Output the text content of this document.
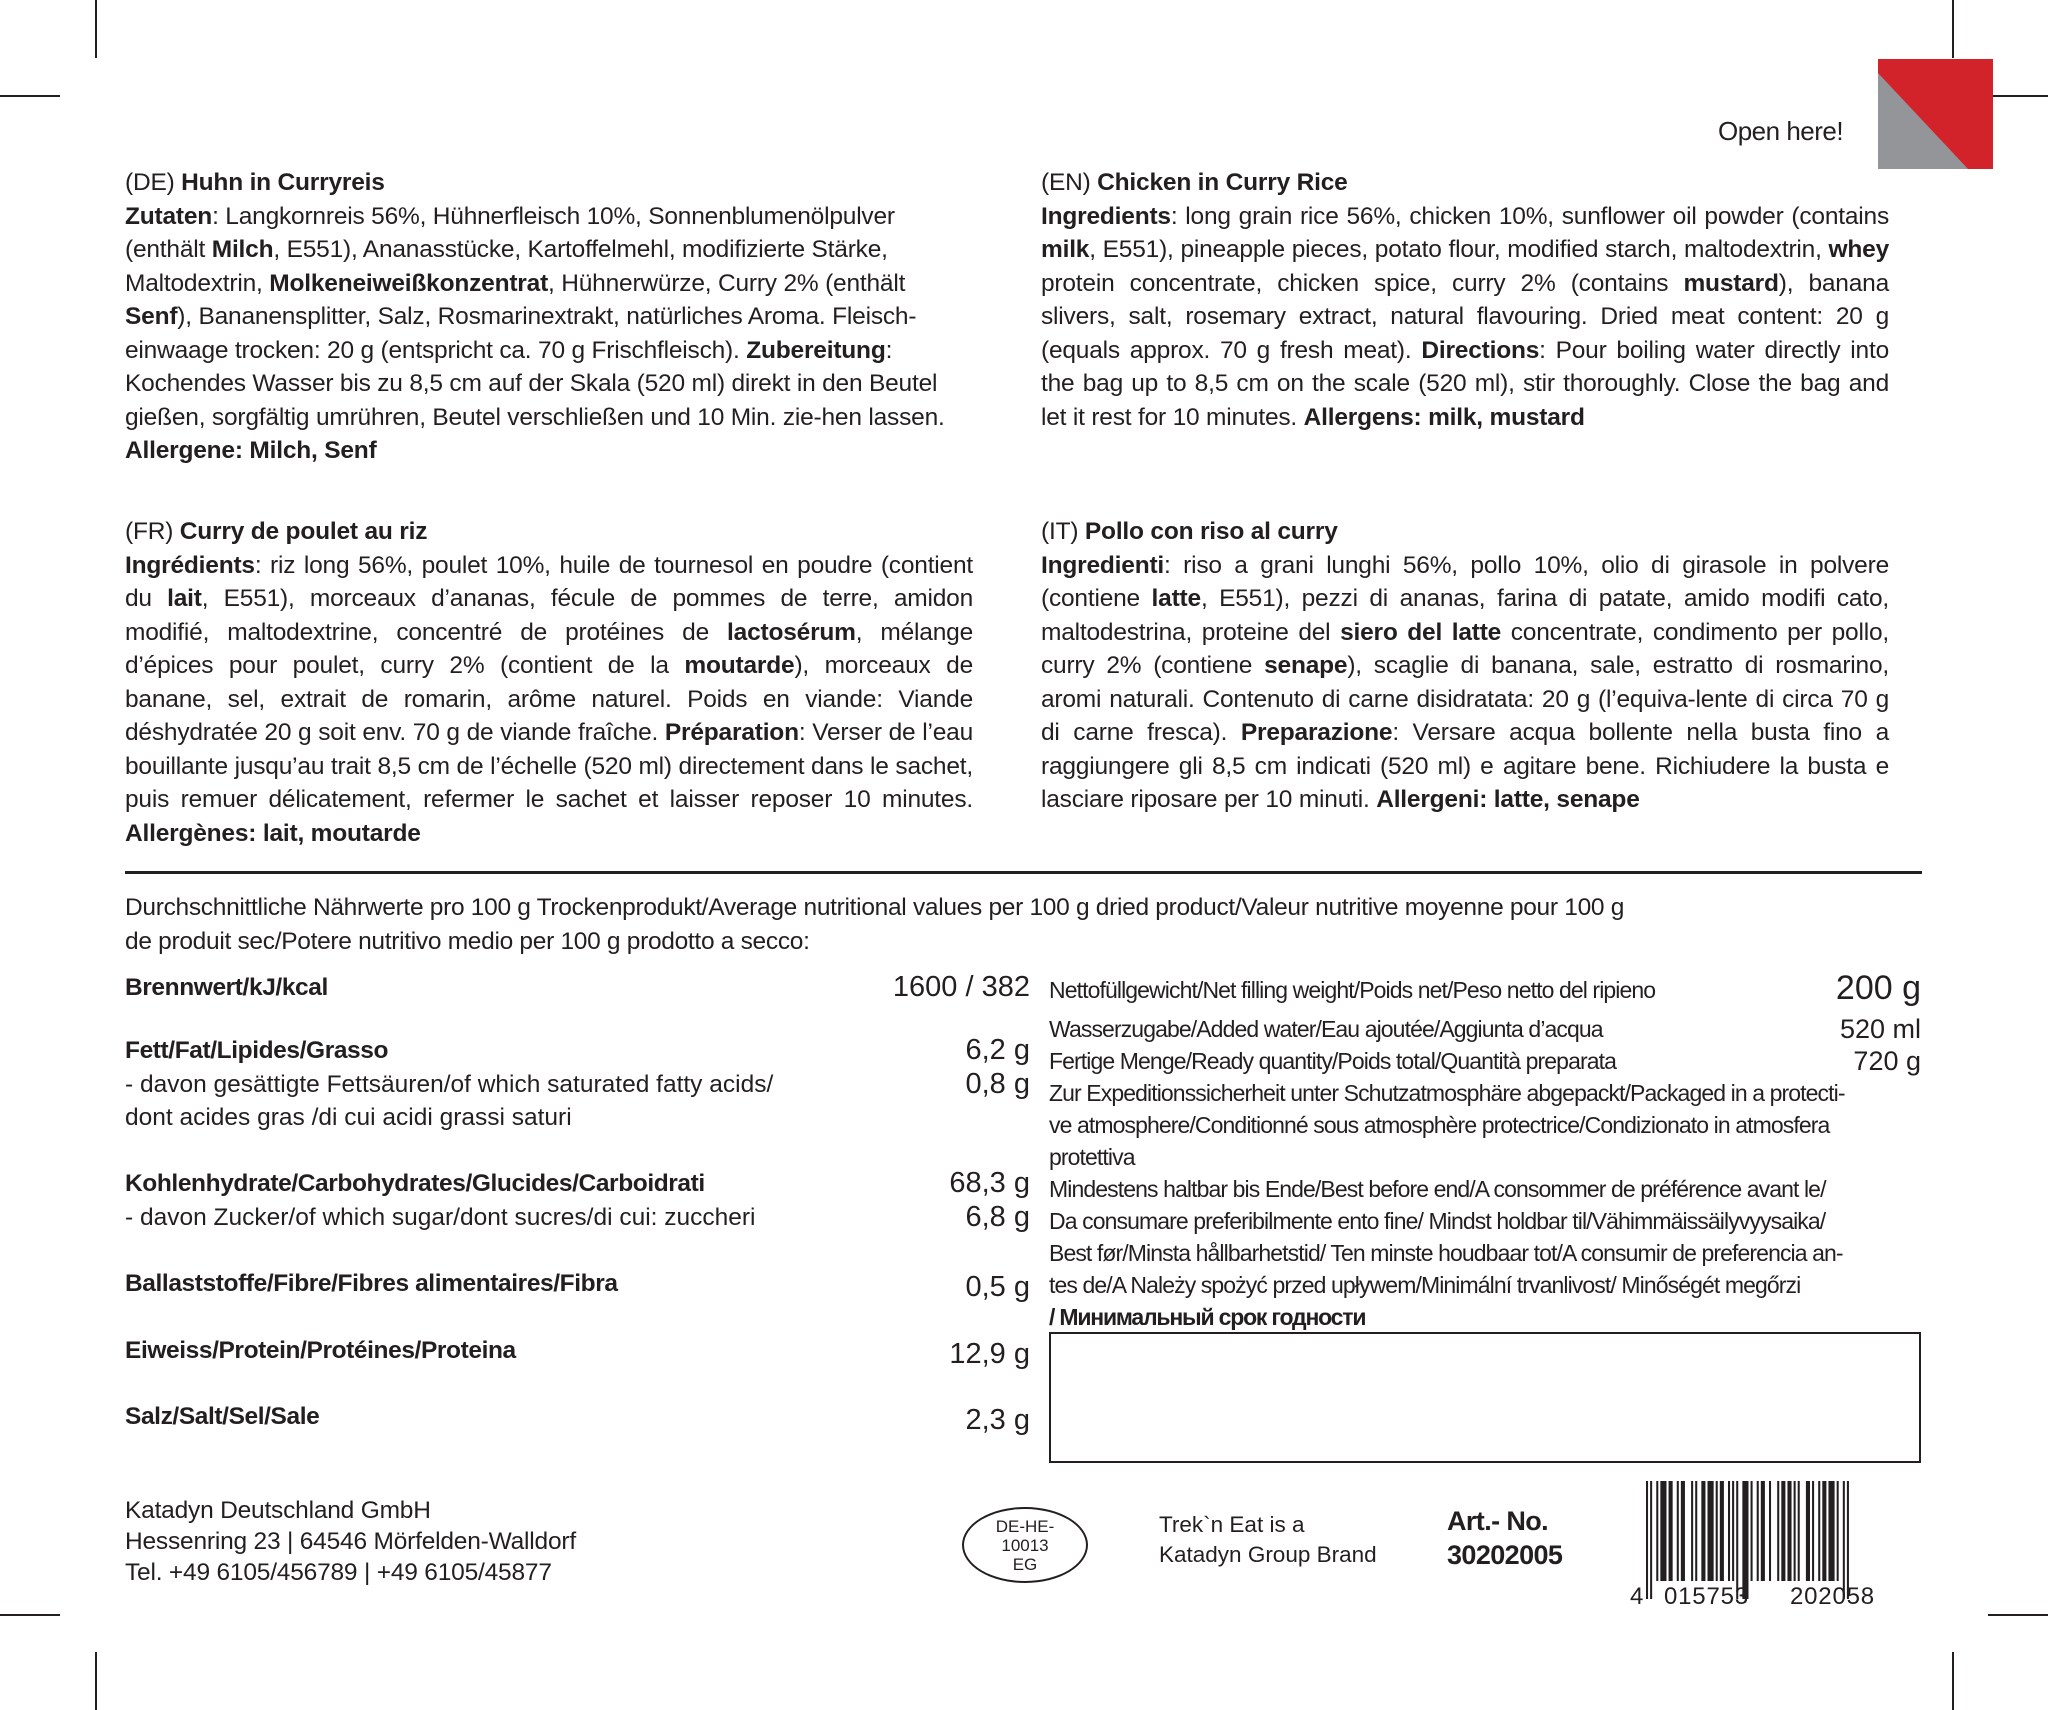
Open here!
(DE) Huhn in Curryreis
Zutaten: Langkornreis 56%, Hühnerfleisch 10%, Sonnenblumenölpulver (enthält Milch, E551), Ananasstücke, Kartoffelmehl, modifizierte Stärke, Maltodextrin, Molkeneiweißkonzentrat, Hühnerwürze, Curry 2% (enthält Senf), Bananensplitter, Salz, Rosmarinextrakt, natürliches Aroma. Fleisch-einwaage trocken: 20 g (entspricht ca. 70 g Frischfleisch). Zubereitung: Kochendes Wasser bis zu 8,5 cm auf der Skala (520 ml) direkt in den Beutel gießen, sorgfältig umrühren, Beutel verschließen und 10 Min. zie-hen lassen. Allergene: Milch, Senf
(EN) Chicken in Curry Rice
Ingredients: long grain rice 56%, chicken 10%, sunflower oil powder (contains milk, E551), pineapple pieces, potato flour, modified starch, maltodextrin, whey protein concentrate, chicken spice, curry 2% (contains mustard), banana slivers, salt, rosemary extract, natural flavouring. Dried meat content: 20 g (equals approx. 70 g fresh meat). Directions: Pour boiling water directly into the bag up to 8,5 cm on the scale (520 ml), stir thoroughly. Close the bag and let it rest for 10 minutes. Allergens: milk, mustard
(FR) Curry de poulet au riz
Ingrédients: riz long 56%, poulet 10%, huile de tournesol en poudre (contient du lait, E551), morceaux d’ananas, fécule de pommes de terre, amidon modifié, maltodextrine, concentré de protéines de lactosérum, mélange d’épices pour poulet, curry 2% (contient de la moutarde), morceaux de banane, sel, extrait de romarin, arôme naturel. Poids en viande: Viande déshydratée 20 g soit env. 70 g de viande fraîche. Préparation: Verser de l’eau bouillante jusqu’au trait 8,5 cm de l’échelle (520 ml) directement dans le sachet, puis remuer délicatement, refermer le sachet et laisser reposer 10 minutes. Allergènes: lait, moutarde
(IT) Pollo con riso al curry
Ingredienti: riso a grani lunghi 56%, pollo 10%, olio di girasole in polvere (contiene latte, E551), pezzi di ananas, farina di patate, amido modifi cato, maltodestrina, proteine del siero del latte concentrate, condimento per pollo, curry 2% (contiene senape), scaglie di banana, sale, estratto di rosmarino, aromi naturali. Contenuto di carne disidratata: 20 g (l’equiva-lente di circa 70 g di carne fresca). Preparazione: Versare acqua bollente nella busta fino a raggiungere gli 8,5 cm indicati (520 ml) e agitare bene. Richiudere la busta e lasciare riposare per 10 minuti. Allergeni: latte, senape
Durchschnittliche Nährwerte pro 100 g Trockenprodukt/Average nutritional values per 100 g dried product/Valeur nutritive moyenne pour 100 g
de produit sec/Potere nutritivo medio per 100 g prodotto a secco:
Brennwert/kJ/kcal	1600 / 382
Fett/Fat/Lipides/Grasso	6,2 g
- davon gesättigte Fettsäuren/of which saturated fatty acids/
dont acides gras /di cui acidi grassi saturi
0,8 g
Kohlenhydrate/Carbohydrates/Glucides/Carboidrati	68,3 g
- davon Zucker/of which sugar/dont sucres/di cui: zuccheri	6,8 g
Ballaststoffe/Fibre/Fibres alimentaires/Fibra	0,5 g
Eiweiss/Protein/Protéines/Proteina	12,9 g
Salz/Salt/Sel/Sale	2,3 g
Nettofüllgewicht/Net filling weight/Poids net/Peso netto del ripieno	200 g
Wasserzugabe/Added water/Eau ajoutée/Aggiunta d’acqua	520 ml
Fertige Menge/Ready quantity/Poids total/Quantità preparata	720 g
Zur Expeditionssicherheit unter Schutzatmosphäre abgepackt/Packaged in a protecti-
ve atmosphere/Conditionné sous atmosphère protectrice/Condizionato in atmosfera
protettiva
Mindestens haltbar bis Ende/Best before end/A consommer de préférence avant le/
Da consumare preferibilmente ento fine/ Mindst holdbar til/Vähimmäissäilyvyysaika/
Best før/Minsta hållbarhetstid/ Ten minste houdbaar tot/A consumir de preferencia an-
tes de/A Należy spożyć przed upływem/Minimální trvanlivost/ Minőségét megőrzi
/ Минимальный срок годности
Katadyn Deutschland GmbH
Hessenring 23 | 64546 Mörfelden-Walldorf
Tel. +49 6105/456789 | +49 6105/45877
DE-HE-
10013
EG
Trek`n Eat is a
Katadyn Group Brand
Art.- No.
30202005
4 015753 202058
